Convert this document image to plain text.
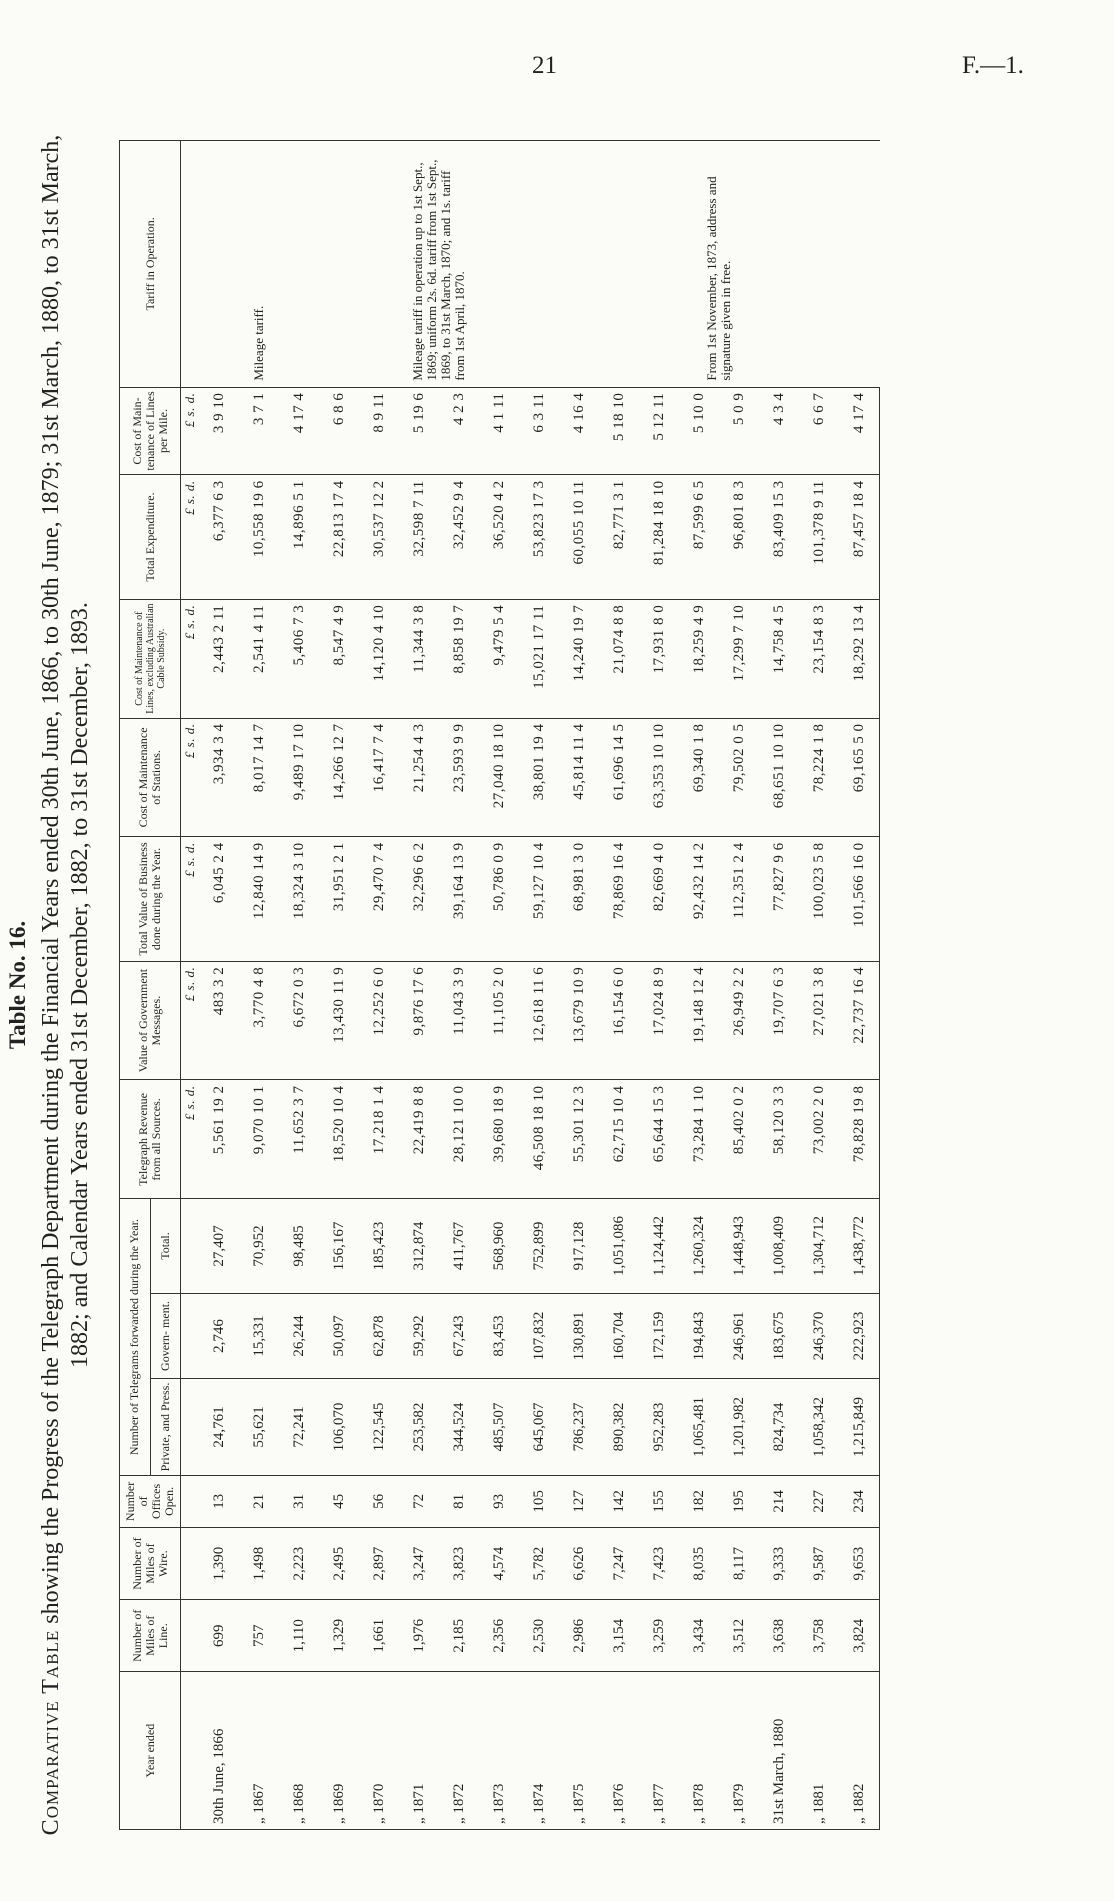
21	F.—1.
Table No. 16.
Comparative Table showing the Progress of the Telegraph Department during the Financial Years ended 30th June, 1866, to 30th June, 1879; 31st March, 1880, to 31st March, 1882; and Calendar Years ended 31st December, 1882, to 31st December, 1893.
Year ended	Number of Miles of Line.	Number of Miles of Wire.	Number of Offices Open.	Number of Telegrams forwarded during the Year.			Telegraph Revenue from all Sources.	Value of Government Messages.	Total Value of Business done during the Year.	Cost of Maintenance of Stations.	Cost of Maintenance of Lines, excluding Australian Cable Subsidy.	Total Expenditure.	Cost of Main- tenance of Lines per Mile.	Tariff in Operation.
				Private, and Press.	Govern- ment.	Total.								
							£ s. d.	£ s. d.	£ s. d.	£ s. d.	£ s. d.	£ s. d.	£ s. d.	
30th June, 1866	699	1,390	13	24,761	2,746	27,407	5,561 19 2	483 3 2	6,045 2 4	3,934 3 4	2,443 2 11	6,377 6 3	3 9 10	Mileage tariff.
„ 1867	757	1,498	21	55,621	15,331	70,952	9,070 10 1	3,770 4 8	12,840 14 9	8,017 14 7	2,541 4 11	10,558 19 6	3 7 1	
„ 1868	1,110	2,223	31	72,241	26,244	98,485	11,652 3 7	6,672 0 3	18,324 3 10	9,489 17 10	5,406 7 3	14,896 5 1	4 17 4	
„ 1869	1,329	2,495	45	106,070	50,097	156,167	18,520 10 4	13,430 11 9	31,951 2 1	14,266 12 7	8,547 4 9	22,813 17 4	6 8 6	Mileage tariff in operation up to 1st Sept., 1869; uniform 2s. 6d. tariff from 1st Sept., 1869, to 31st March, 1870; and 1s. tariff from 1st April, 1870.
„ 1870	1,661	2,897	56	122,545	62,878	185,423	17,218 1 4	12,252 6 0	29,470 7 4	16,417 7 4	14,120 4 10	30,537 12 2	8 9 11	
„ 1871	1,976	3,247	72	253,582	59,292	312,874	22,419 8 8	9,876 17 6	32,296 6 2	21,254 4 3	11,344 3 8	32,598 7 11	5 19 6	
„ 1872	2,185	3,823	81	344,524	67,243	411,767	28,121 10 0	11,043 3 9	39,164 13 9	23,593 9 9	8,858 19 7	32,452 9 4	4 2 3	
„ 1873	2,356	4,574	93	485,507	83,453	568,960	39,680 18 9	11,105 2 0	50,786 0 9	27,040 18 10	9,479 5 4	36,520 4 2	4 1 11	
„ 1874	2,530	5,782	105	645,067	107,832	752,899	46,508 18 10	12,618 11 6	59,127 10 4	38,801 19 4	15,021 17 11	53,823 17 3	6 3 11	
„ 1875	2,986	6,626	127	786,237	130,891	917,128	55,301 12 3	13,679 10 9	68,981 3 0	45,814 11 4	14,240 19 7	60,055 10 11	4 16 4	From 1st November, 1873, address and signature given in free.
„ 1876	3,154	7,247	142	890,382	160,704	1,051,086	62,715 10 4	16,154 6 0	78,869 16 4	61,696 14 5	21,074 8 8	82,771 3 1	5 18 10	
„ 1877	3,259	7,423	155	952,283	172,159	1,124,442	65,644 15 3	17,024 8 9	82,669 4 0	63,353 10 10	17,931 8 0	81,284 18 10	5 12 11	
„ 1878	3,434	8,035	182	1,065,481	194,843	1,260,324	73,284 1 10	19,148 12 4	92,432 14 2	69,340 1 8	18,259 4 9	87,599 6 5	5 10 0	
„ 1879	3,512	8,117	195	1,201,982	246,961	1,448,943	85,402 0 2	26,949 2 2	112,351 2 4	79,502 0 5	17,299 7 10	96,801 8 3	5 0 9	
31st March, 1880	3,638	9,333	214	824,734	183,675	1,008,409	58,120 3 3	19,707 6 3	77,827 9 6	68,651 10 10	14,758 4 5	83,409 15 3	4 3 4	
„ 1881	3,758	9,587	227	1,058,342	246,370	1,304,712	73,002 2 0	27,021 3 8	100,023 5 8	78,224 1 8	23,154 8 3	101,378 9 11	6 6 7	
„ 1882	3,824	9,653	234	1,215,849	222,923	1,438,772	78,828 19 8	22,737 16 4	101,566 16 0	69,165 5 0	18,292 13 4	87,457 18 4	4 17 4	
